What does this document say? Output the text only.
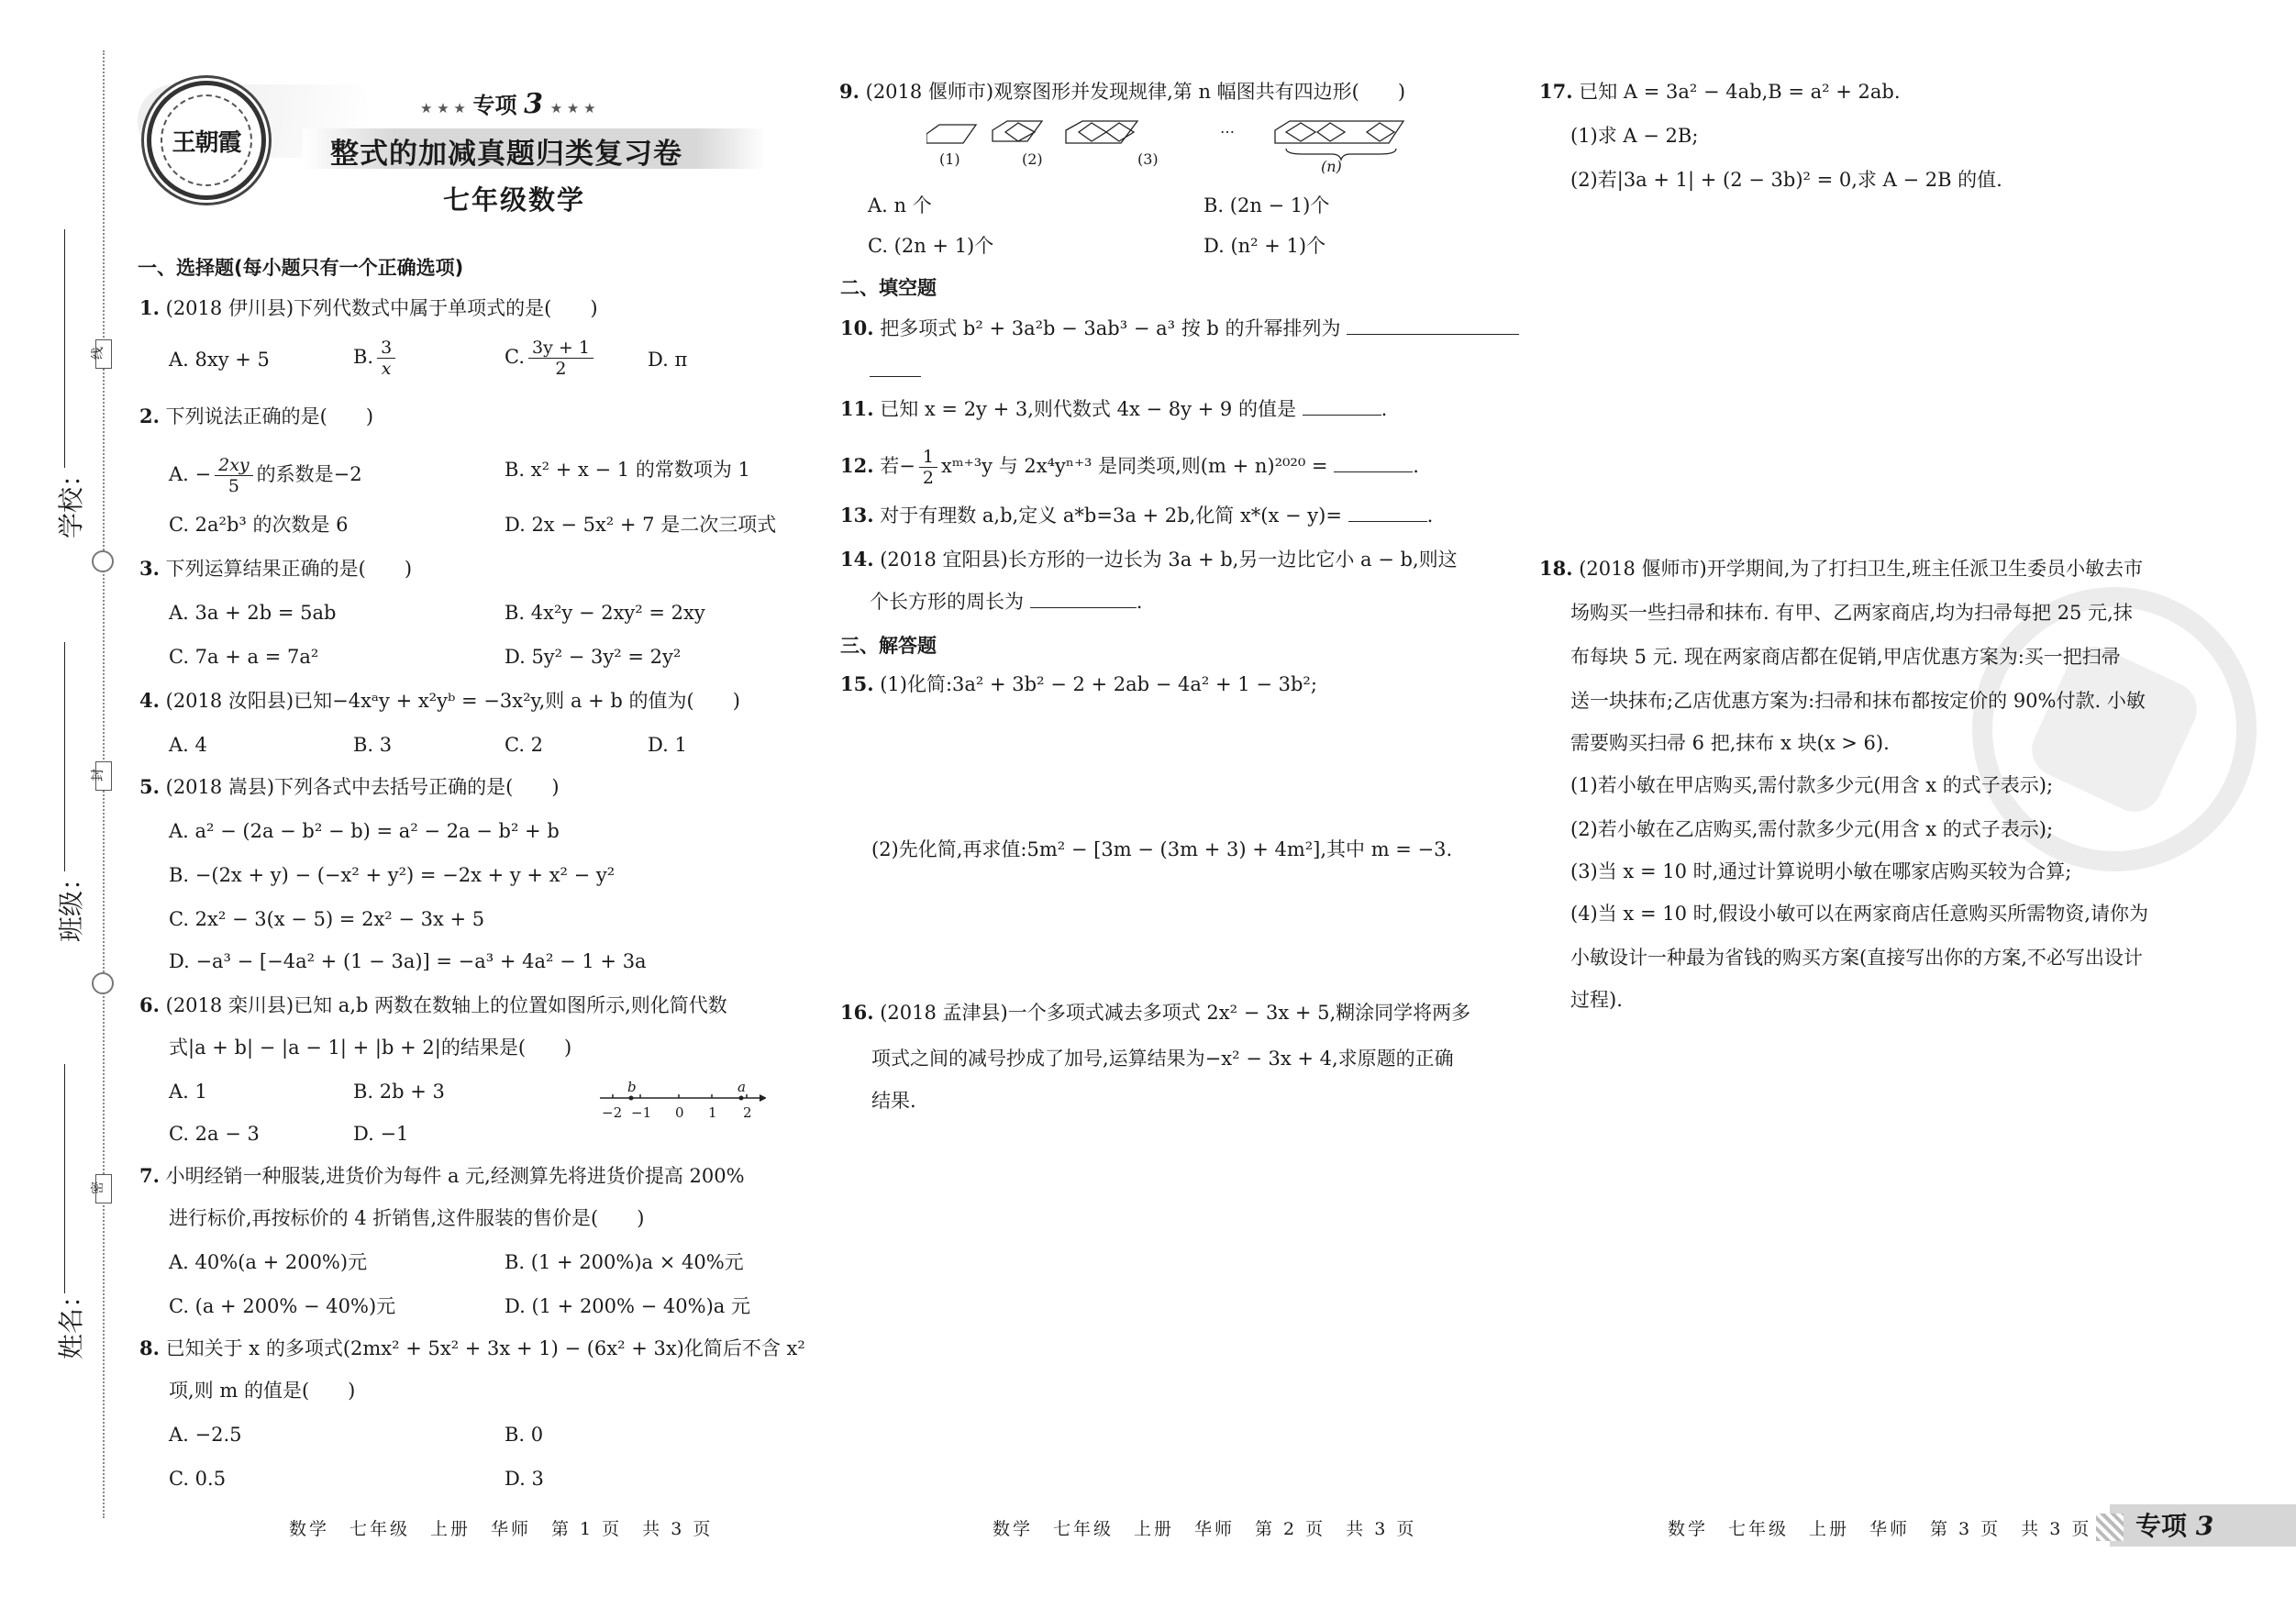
线
封
密
学校：
班级：
姓名：
王朝霞
★ ★ ★ 专项 3 ★ ★ ★
整式的加减真题归类复习卷
七年级数学
一、选择题(每小题只有一个正确选项)
1. (2018 伊川县)下列代数式中属于单项式的是(　　)
A. 8xy + 5	B. $\frac{3}{x}$	C. $\frac{3y + 1}{2}$	D. π
2. 下列说法正确的是(　　)
A. − $\frac{2xy}{5}$ 的系数是−2	B. x² + x − 1 的常数项为 1
C. 2a²b³ 的次数是 6	D. 2x − 5x² + 7 是二次三项式
3. 下列运算结果正确的是(　　)
A. 3a + 2b = 5ab	B. 4x²y − 2xy² = 2xy
C. 7a + a = 7a²	D. 5y² − 3y² = 2y²
4. (2018 汝阳县)已知−4xᵃy + x²yᵇ = −3x²y,则 a + b 的值为(　　)
A. 4	B. 3	C. 2	D. 1
5. (2018 嵩县)下列各式中去括号正确的是(　　)
A. a² − (2a − b² − b) = a² − 2a − b² + b
B. −(2x + y) − (−x² + y²) = −2x + y + x² − y²
C. 2x² − 3(x − 5) = 2x² − 3x + 5
D. −a³ − [−4a² + (1 − 3a)] = −a³ + 4a² − 1 + 3a
6. (2018 栾川县)已知 a,b 两数在数轴上的位置如图所示,则化简代数
式|a + b| − |a − 1| + |b + 2|的结果是(　　)
A. 1	B. 2b + 3
C. 2a − 3	D. −1
b	a
−2 −1 0 1 2
7. 小明经销一种服装,进货价为每件 a 元,经测算先将进货价提高 200%
进行标价,再按标价的 4 折销售,这件服装的售价是(　　)
A. 40%(a + 200%)元	B. (1 + 200%)a × 40%元
C. (a + 200% − 40%)元	D. (1 + 200% − 40%)a 元
8. 已知关于 x 的多项式(2mx² + 5x² + 3x + 1) − (6x² + 3x)化简后不含 x²
项,则 m 的值是(　　)
A. −2.5	B. 0
C. 0.5	D. 3
数学　七年级　上册　华师　第 1 页　共 3 页
9. (2018 偃师市)观察图形并发现规律,第 n 幅图共有四边形(　　)
(1)	(2)	(3)
…
(n)
A. n 个	B. (2n − 1)个
C. (2n + 1)个	D. (n² + 1)个
二、填空题
10. 把多项式 b² + 3a²b − 3ab³ − a³ 按 b 的升幂排列为
11. 已知 x = 2y + 3,则代数式 4x − 8y + 9 的值是	.
12. 若− $\frac{1}{2}$ xᵐ⁺³y 与 2x⁴yⁿ⁺³ 是同类项,则(m + n)²⁰²⁰ =	.
13. 对于有理数 a,b,定义 a*b=3a + 2b,化简 x*(x − y)=	.
14. (2018 宜阳县)长方形的一边长为 3a + b,另一边比它小 a − b,则这
个长方形的周长为	.
三、解答题
15. (1)化简:3a² + 3b² − 2 + 2ab − 4a² + 1 − 3b²;
(2)先化简,再求值:5m² − [3m − (3m + 3) + 4m²],其中 m = −3.
16. (2018 孟津县)一个多项式减去多项式 2x² − 3x + 5,糊涂同学将两多
项式之间的减号抄成了加号,运算结果为−x² − 3x + 4,求原题的正确
结果.
数学　七年级　上册　华师　第 2 页　共 3 页
17. 已知 A = 3a² − 4ab,B = a² + 2ab.
(1)求 A − 2B;
(2)若|3a + 1| + (2 − 3b)² = 0,求 A − 2B 的值.
18. (2018 偃师市)开学期间,为了打扫卫生,班主任派卫生委员小敏去市
场购买一些扫帚和抹布. 有甲、乙两家商店,均为扫帚每把 25 元,抹
布每块 5 元. 现在两家商店都在促销,甲店优惠方案为:买一把扫帚
送一块抹布;乙店优惠方案为:扫帚和抹布都按定价的 90%付款. 小敏
需要购买扫帚 6 把,抹布 x 块(x > 6).
(1)若小敏在甲店购买,需付款多少元(用含 x 的式子表示);
(2)若小敏在乙店购买,需付款多少元(用含 x 的式子表示);
(3)当 x = 10 时,通过计算说明小敏在哪家店购买较为合算;
(4)当 x = 10 时,假设小敏可以在两家商店任意购买所需物资,请你为
小敏设计一种最为省钱的购买方案(直接写出你的方案,不必写出设计
过程).
数学　七年级　上册　华师　第 3 页　共 3 页 专项 3
